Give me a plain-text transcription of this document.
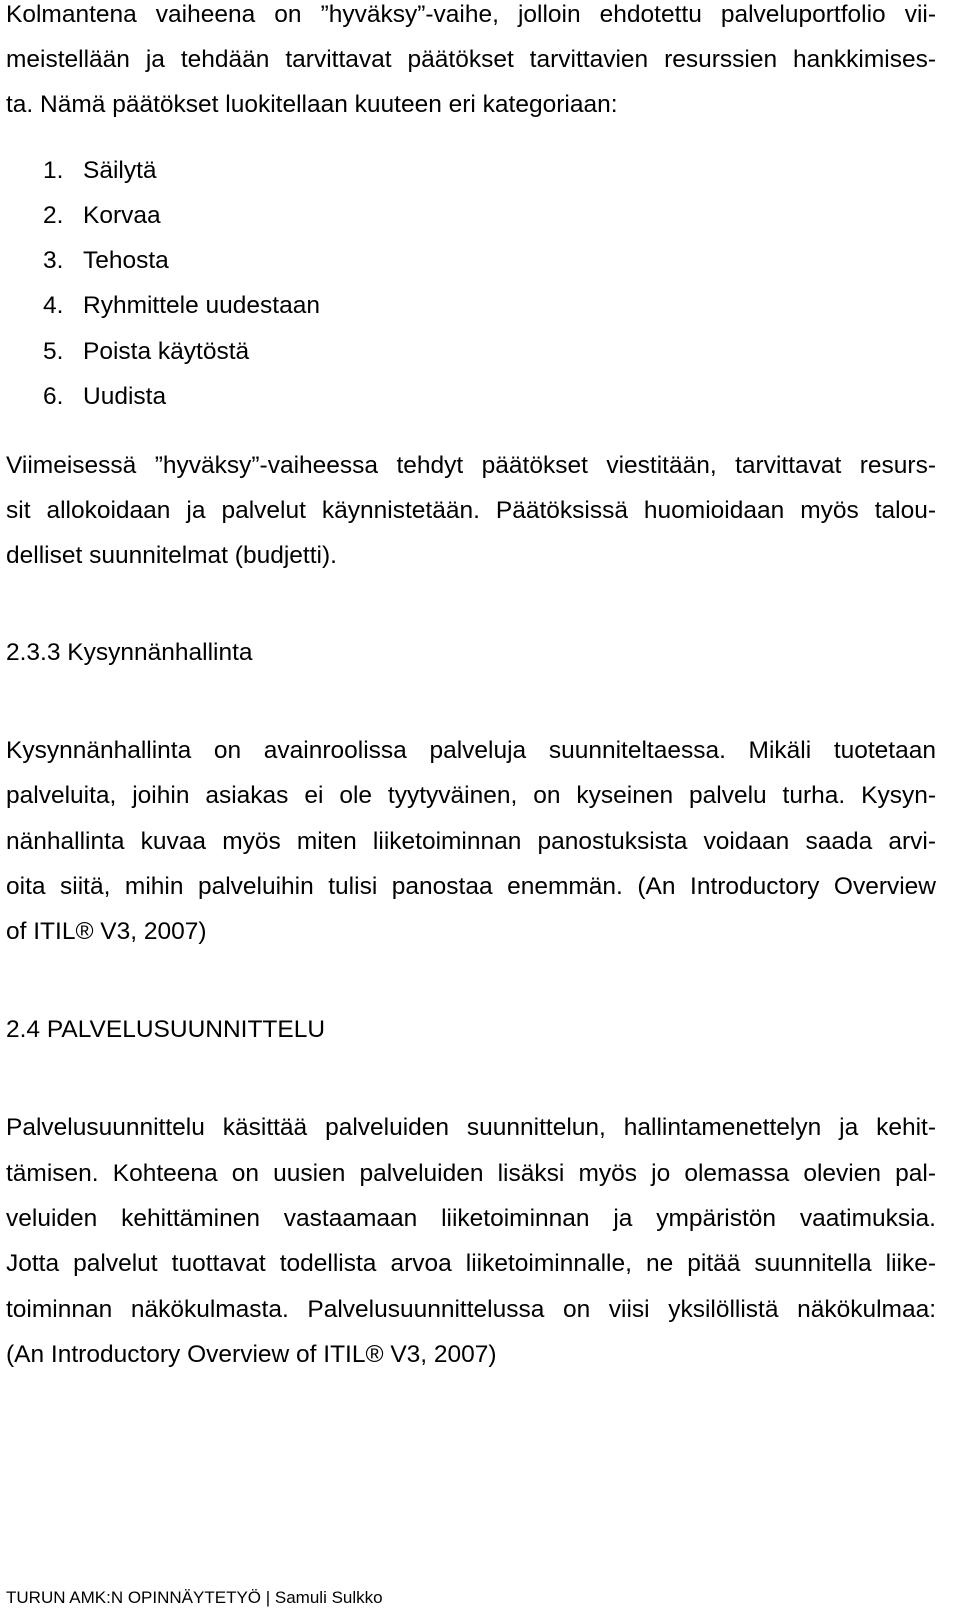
Kolmantena vaiheena on ”hyväksy”-vaihe, jolloin ehdotettu palveluportfolio vii-
meistellään ja tehdään tarvittavat päätökset tarvittavien resurssien hankkimises-
ta. Nämä päätökset luokitellaan kuuteen eri kategoriaan:
1. Säilytä
2. Korvaa
3. Tehosta
4. Ryhmittele uudestaan
5. Poista käytöstä
6. Uudista
Viimeisessä ”hyväksy”-vaiheessa tehdyt päätökset viestitään, tarvittavat resurs-
sit allokoidaan ja palvelut käynnistetään. Päätöksissä huomioidaan myös talou-
delliset suunnitelmat (budjetti).
2.3.3 Kysynnänhallinta
Kysynnänhallinta on avainroolissa palveluja suunniteltaessa. Mikäli tuotetaan
palveluita, joihin asiakas ei ole tyytyväinen, on kyseinen palvelu turha. Kysyn-
nänhallinta kuvaa myös miten liiketoiminnan panostuksista voidaan saada arvi-
oita siitä, mihin palveluihin tulisi panostaa enemmän. (An Introductory Overview
of ITIL® V3, 2007)
2.4 PALVELUSUUNNITTELU
Palvelusuunnittelu käsittää palveluiden suunnittelun, hallintamenettelyn ja kehit-
tämisen. Kohteena on uusien palveluiden lisäksi myös jo olemassa olevien pal-
veluiden kehittäminen vastaamaan liiketoiminnan ja ympäristön vaatimuksia.
Jotta palvelut tuottavat todellista arvoa liiketoiminnalle, ne pitää suunnitella liike-
toiminnan näkökulmasta. Palvelusuunnittelussa on viisi yksilöllistä näkökulmaa:
(An Introductory Overview of ITIL® V3, 2007)
TURUN AMK:N OPINNÄYTETYÖ | Samuli Sulkko
